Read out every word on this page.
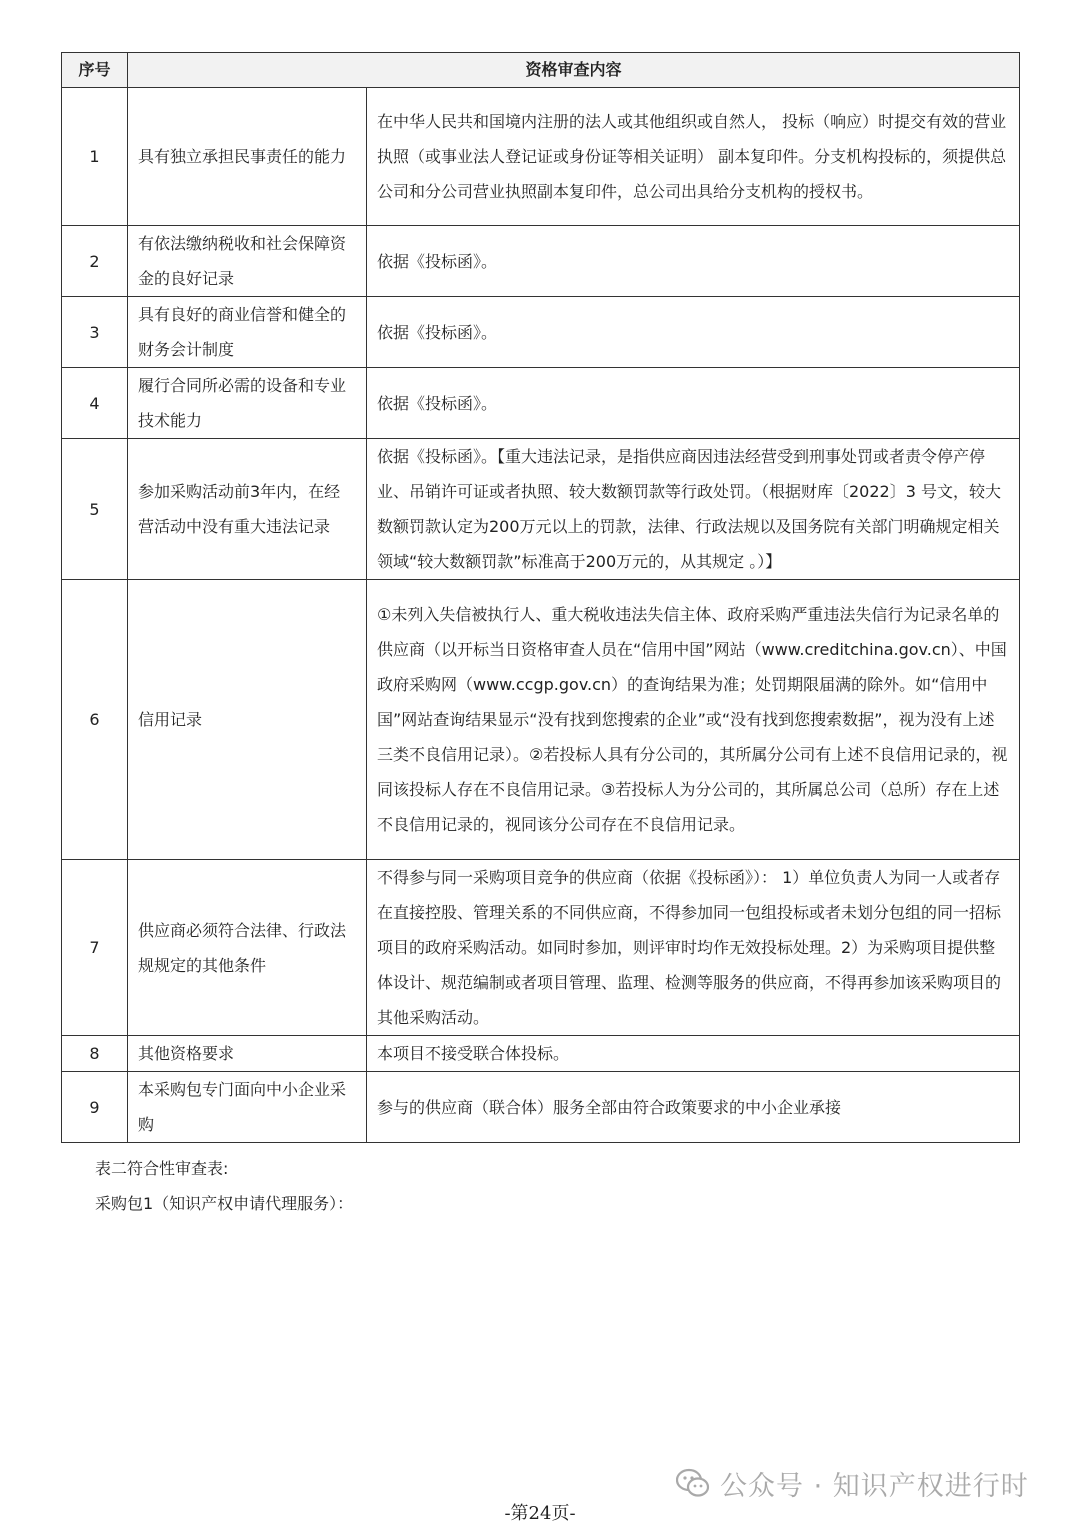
序号	资格审查内容	
1	具有独立承担民事责任的能力	在中华人民共和国境内注册的法人或其他组织或自然人， 投标（响应）时提交有效的营业执照（或事业法人登记证或身份证等相关证明） 副本复印件。分支机构投标的，须提供总公司和分公司营业执照副本复印件，总公司出具给分支机构的授权书。
2	有依法缴纳税收和社会保障资金的良好记录	依据《投标函》。
3	具有良好的商业信誉和健全的财务会计制度	依据《投标函》。
4	履行合同所必需的设备和专业技术能力	依据《投标函》。
5	参加采购活动前3年内，在经营活动中没有重大违法记录	依据《投标函》。【重大违法记录，是指供应商因违法经营受到刑事处罚或者责令停产停业、吊销许可证或者执照、较大数额罚款等行政处罚。（根据财库〔2022〕3 号文，较大数额罚款认定为200万元以上的罚款，法律、行政法规以及国务院有关部门明确规定相关领域“较大数额罚款”标准高于200万元的，从其规定 。）】
6	信用记录	①未列入失信被执行人、重大税收违法失信主体、政府采购严重违法失信行为记录名单的供应商（以开标当日资格审查人员在“信用中国”网站（www.creditchina.gov.cn）、中国政府采购网（www.ccgp.gov.cn）的查询结果为准；处罚期限届满的除外。如“信用中国”网站查询结果显示“没有找到您搜索的企业”或“没有找到您搜索数据”，视为没有上述三类不良信用记录）。②若投标人具有分公司的，其所属分公司有上述不良信用记录的，视同该投标人存在不良信用记录。③若投标人为分公司的，其所属总公司（总所）存在上述不良信用记录的，视同该分公司存在不良信用记录。
7	供应商必须符合法律、行政法规规定的其他条件	不得参与同一采购项目竞争的供应商（依据《投标函》）： 1）单位负责人为同一人或者存在直接控股、管理关系的不同供应商，不得参加同一包组投标或者未划分包组的同一招标项目的政府采购活动。如同时参加，则评审时均作无效投标处理。2）为采购项目提供整体设计、规范编制或者项目管理、监理、检测等服务的供应商，不得再参加该采购项目的其他采购活动。
8	其他资格要求	本项目不接受联合体投标。
9	本采购包专门面向中小企业采购	参与的供应商（联合体）服务全部由符合政策要求的中小企业承接
表二符合性审查表:
采购包1（知识产权申请代理服务）：
公众号 · 知识产权进行时
-第24页-
